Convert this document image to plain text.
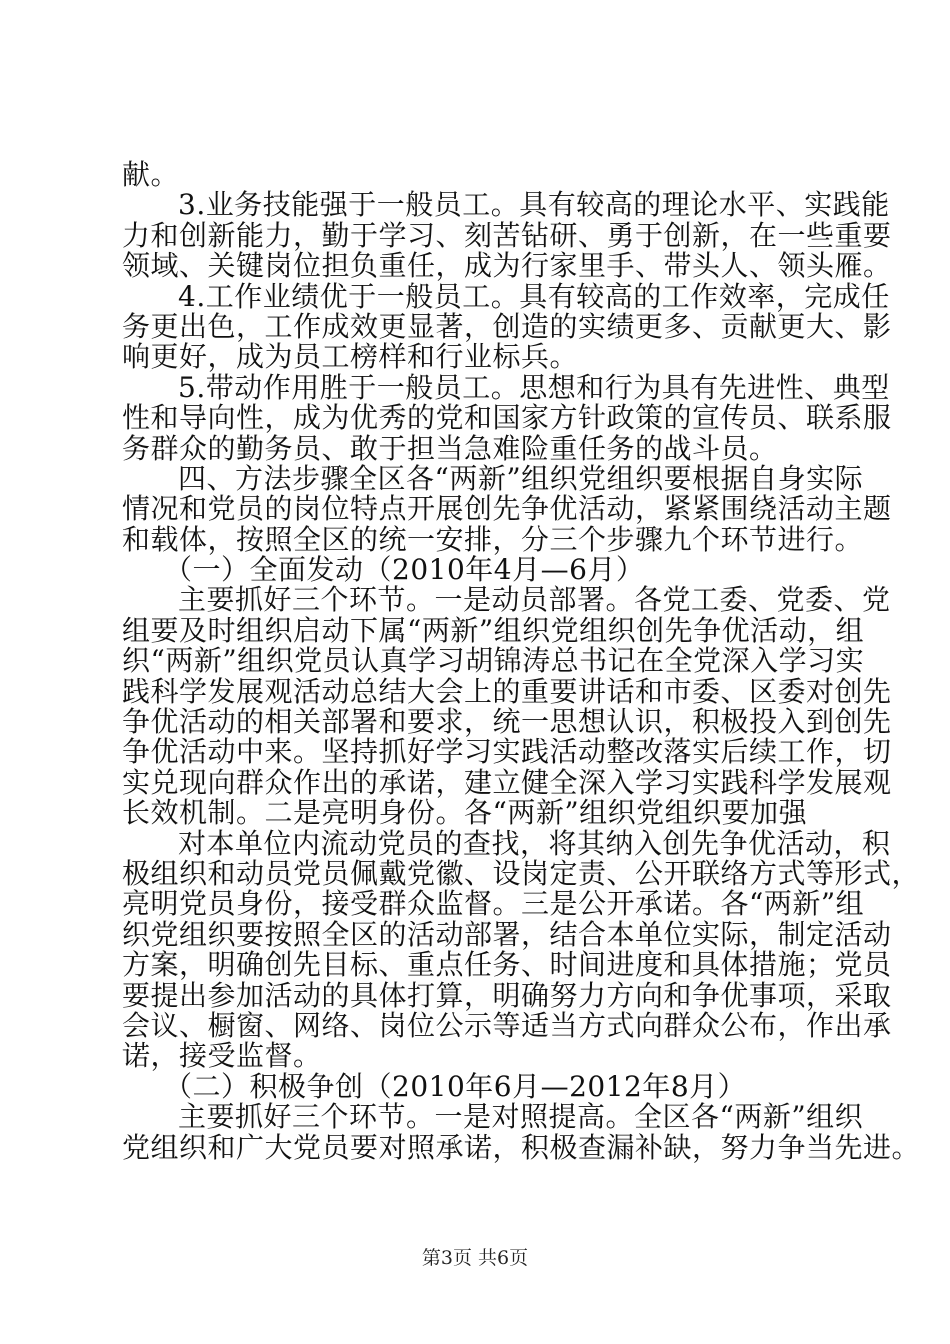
献。
3.业务技能强于一般员工。具有较高的理论水平、实践能
力和创新能力，勤于学习、刻苦钻研、勇于创新，在一些重要
领域、关键岗位担负重任，成为行家里手、带头人、领头雁。
4.工作业绩优于一般员工。具有较高的工作效率，完成任
务更出色，工作成效更显著，创造的实绩更多、贡献更大、影
响更好，成为员工榜样和行业标兵。
5.带动作用胜于一般员工。思想和行为具有先进性、典型
性和导向性，成为优秀的党和国家方针政策的宣传员、联系服
务群众的勤务员、敢于担当急难险重任务的战斗员。
四、方法步骤全区各“两新”组织党组织要根据自身实际
情况和党员的岗位特点开展创先争优活动，紧紧围绕活动主题
和载体，按照全区的统一安排，分三个步骤九个环节进行。
（一）全面发动（2010年4月—6月）
主要抓好三个环节。一是动员部署。各党工委、党委、党
组要及时组织启动下属“两新”组织党组织创先争优活动，组
织“两新”组织党员认真学习胡锦涛总书记在全党深入学习实
践科学发展观活动总结大会上的重要讲话和市委、区委对创先
争优活动的相关部署和要求，统一思想认识，积极投入到创先
争优活动中来。坚持抓好学习实践活动整改落实后续工作，切
实兑现向群众作出的承诺，建立健全深入学习实践科学发展观
长效机制。二是亮明身份。各“两新”组织党组织要加强
对本单位内流动党员的查找，将其纳入创先争优活动，积
极组织和动员党员佩戴党徽、设岗定责、公开联络方式等形式，
亮明党员身份，接受群众监督。三是公开承诺。各“两新”组
织党组织要按照全区的活动部署，结合本单位实际，制定活动
方案，明确创先目标、重点任务、时间进度和具体措施；党员
要提出参加活动的具体打算，明确努力方向和争优事项，采取
会议、橱窗、网络、岗位公示等适当方式向群众公布，作出承
诺，接受监督。
（二）积极争创（2010年6月—2012年8月）
主要抓好三个环节。一是对照提高。全区各“两新”组织
党组织和广大党员要对照承诺，积极查漏补缺，努力争当先进。
第3页 共6页
